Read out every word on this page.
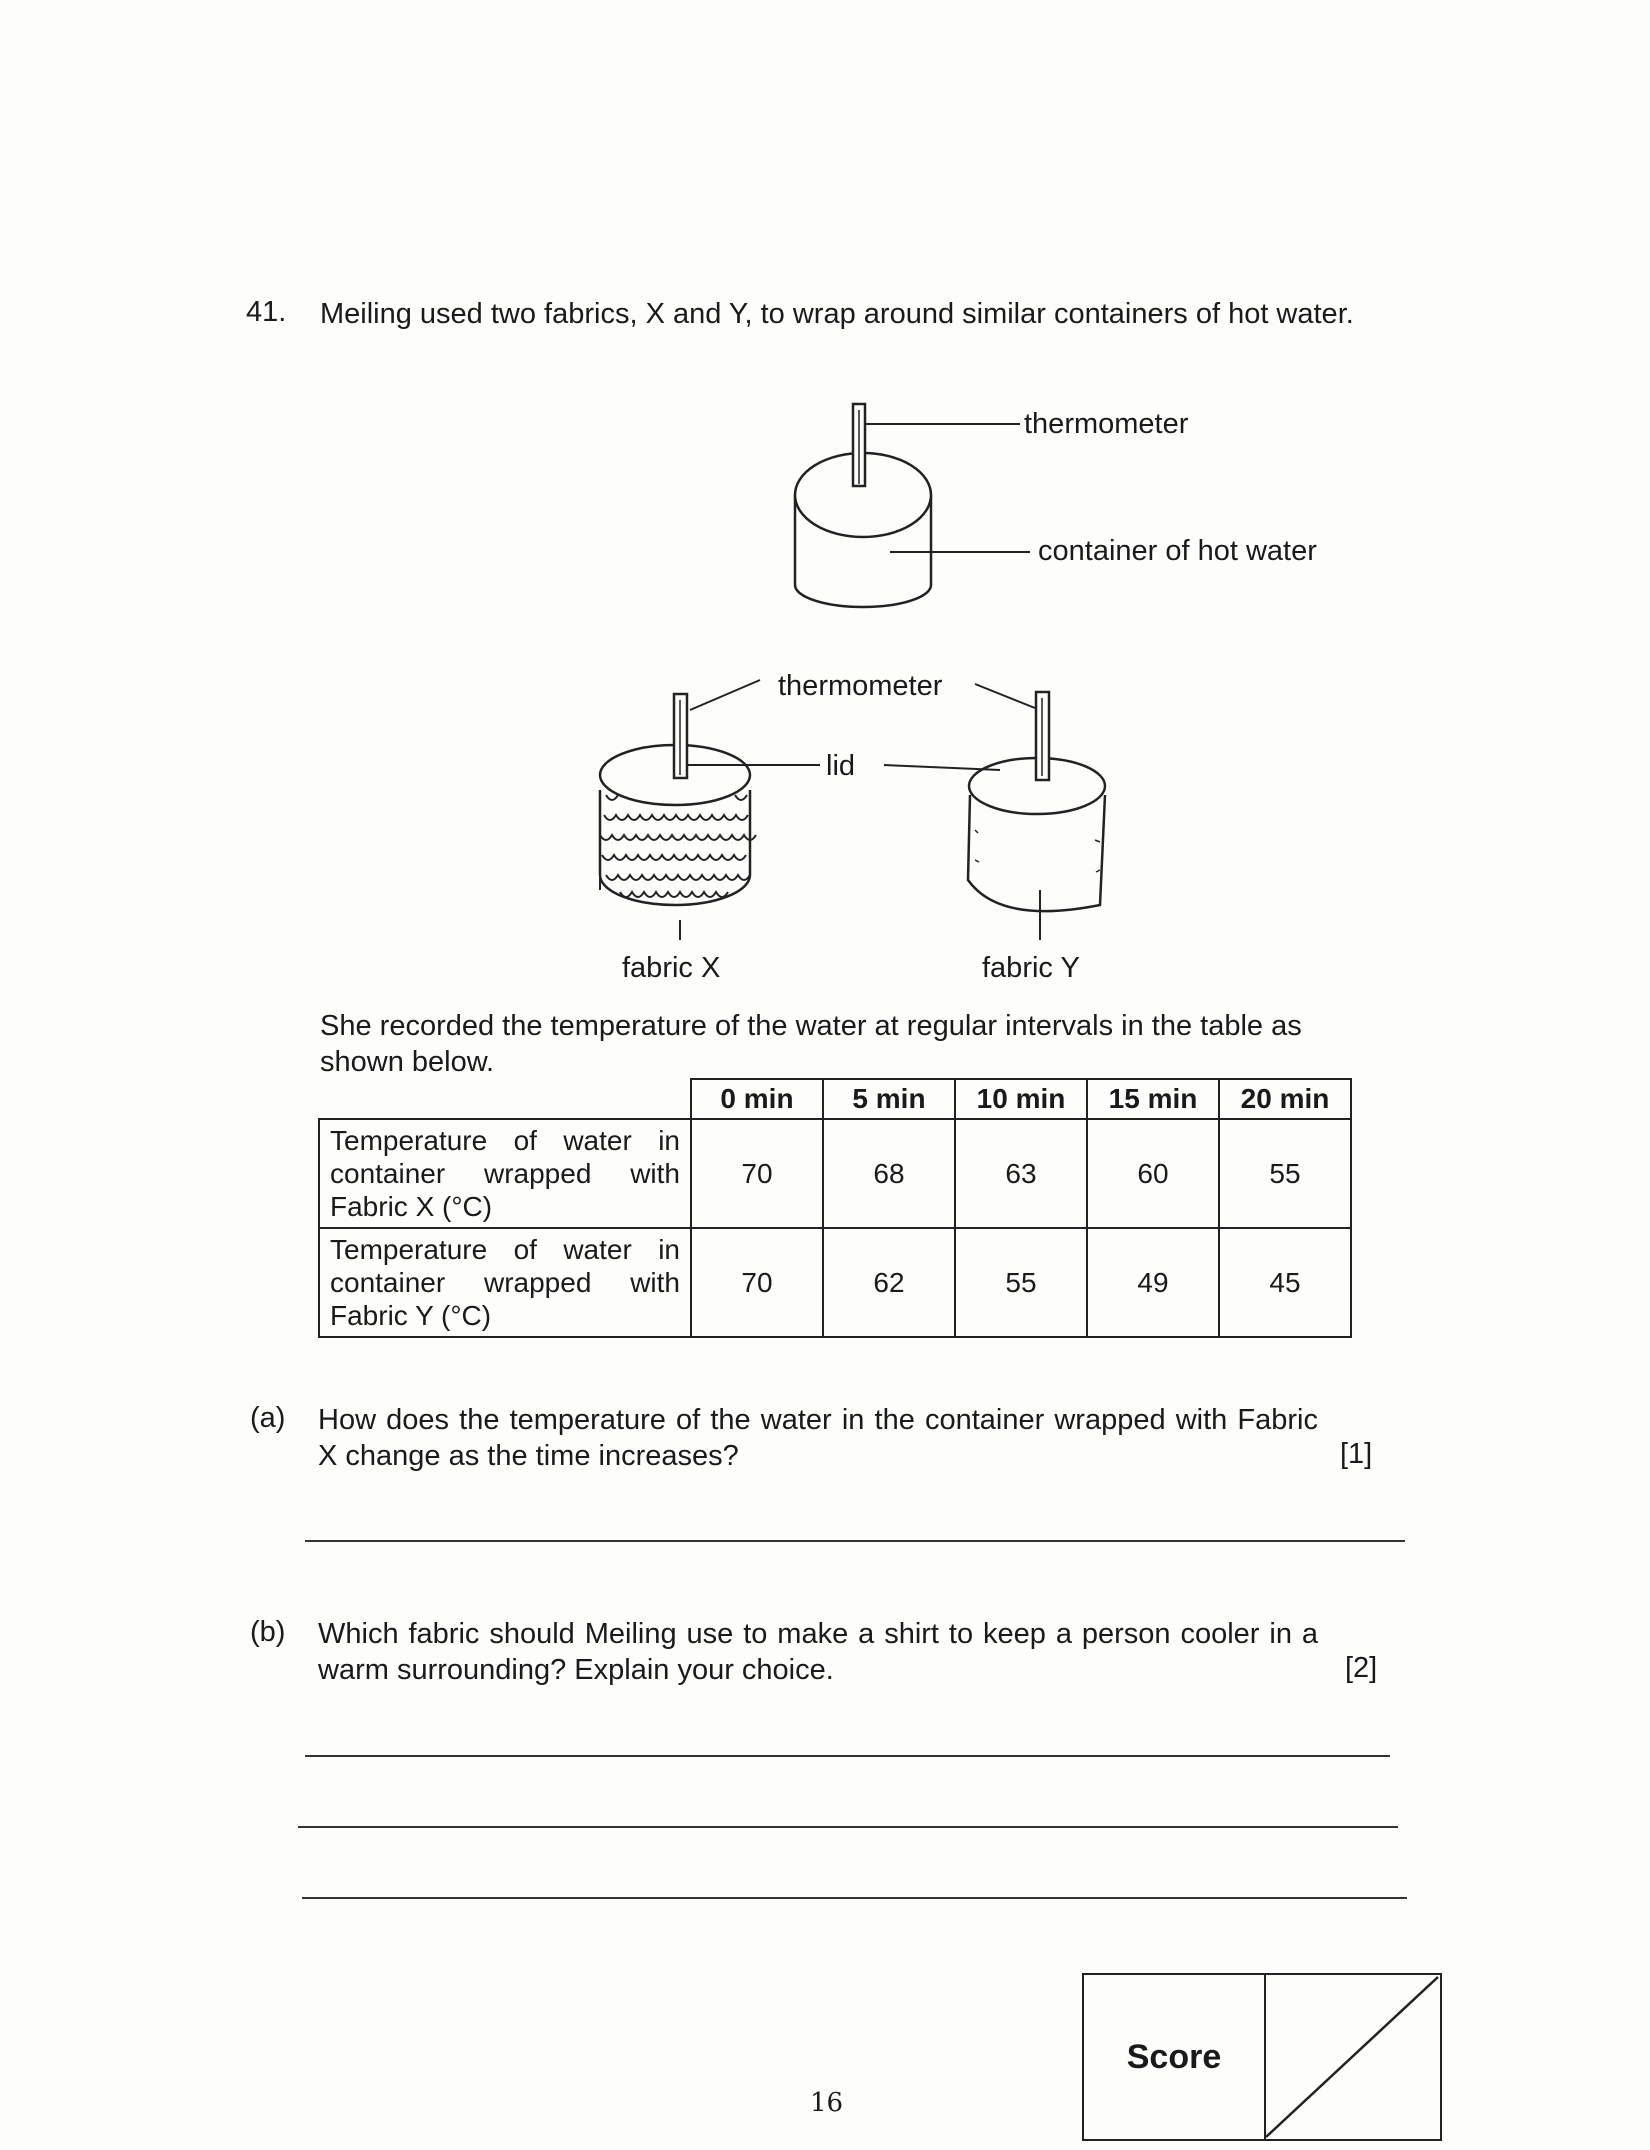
41. Meiling used two fabrics, X and Y, to wrap around similar containers of hot water.
thermometer
container of hot water
thermometer
lid
fabric X	fabric Y
She recorded the temperature of the water at regular intervals in the table as shown below.
	0 min	5 min	10 min	15 min	20 min
Temperature of water in container wrapped with Fabric X (°C)	70	68	63	60	55
Temperature of water in container wrapped with Fabric Y (°C)	70	62	55	49	45
(a) How does the temperature of the water in the container wrapped with Fabric X change as the time increases?	[1]
(b) Which fabric should Meiling use to make a shirt to keep a person cooler in a warm surrounding? Explain your choice.	[2]
Score
16
